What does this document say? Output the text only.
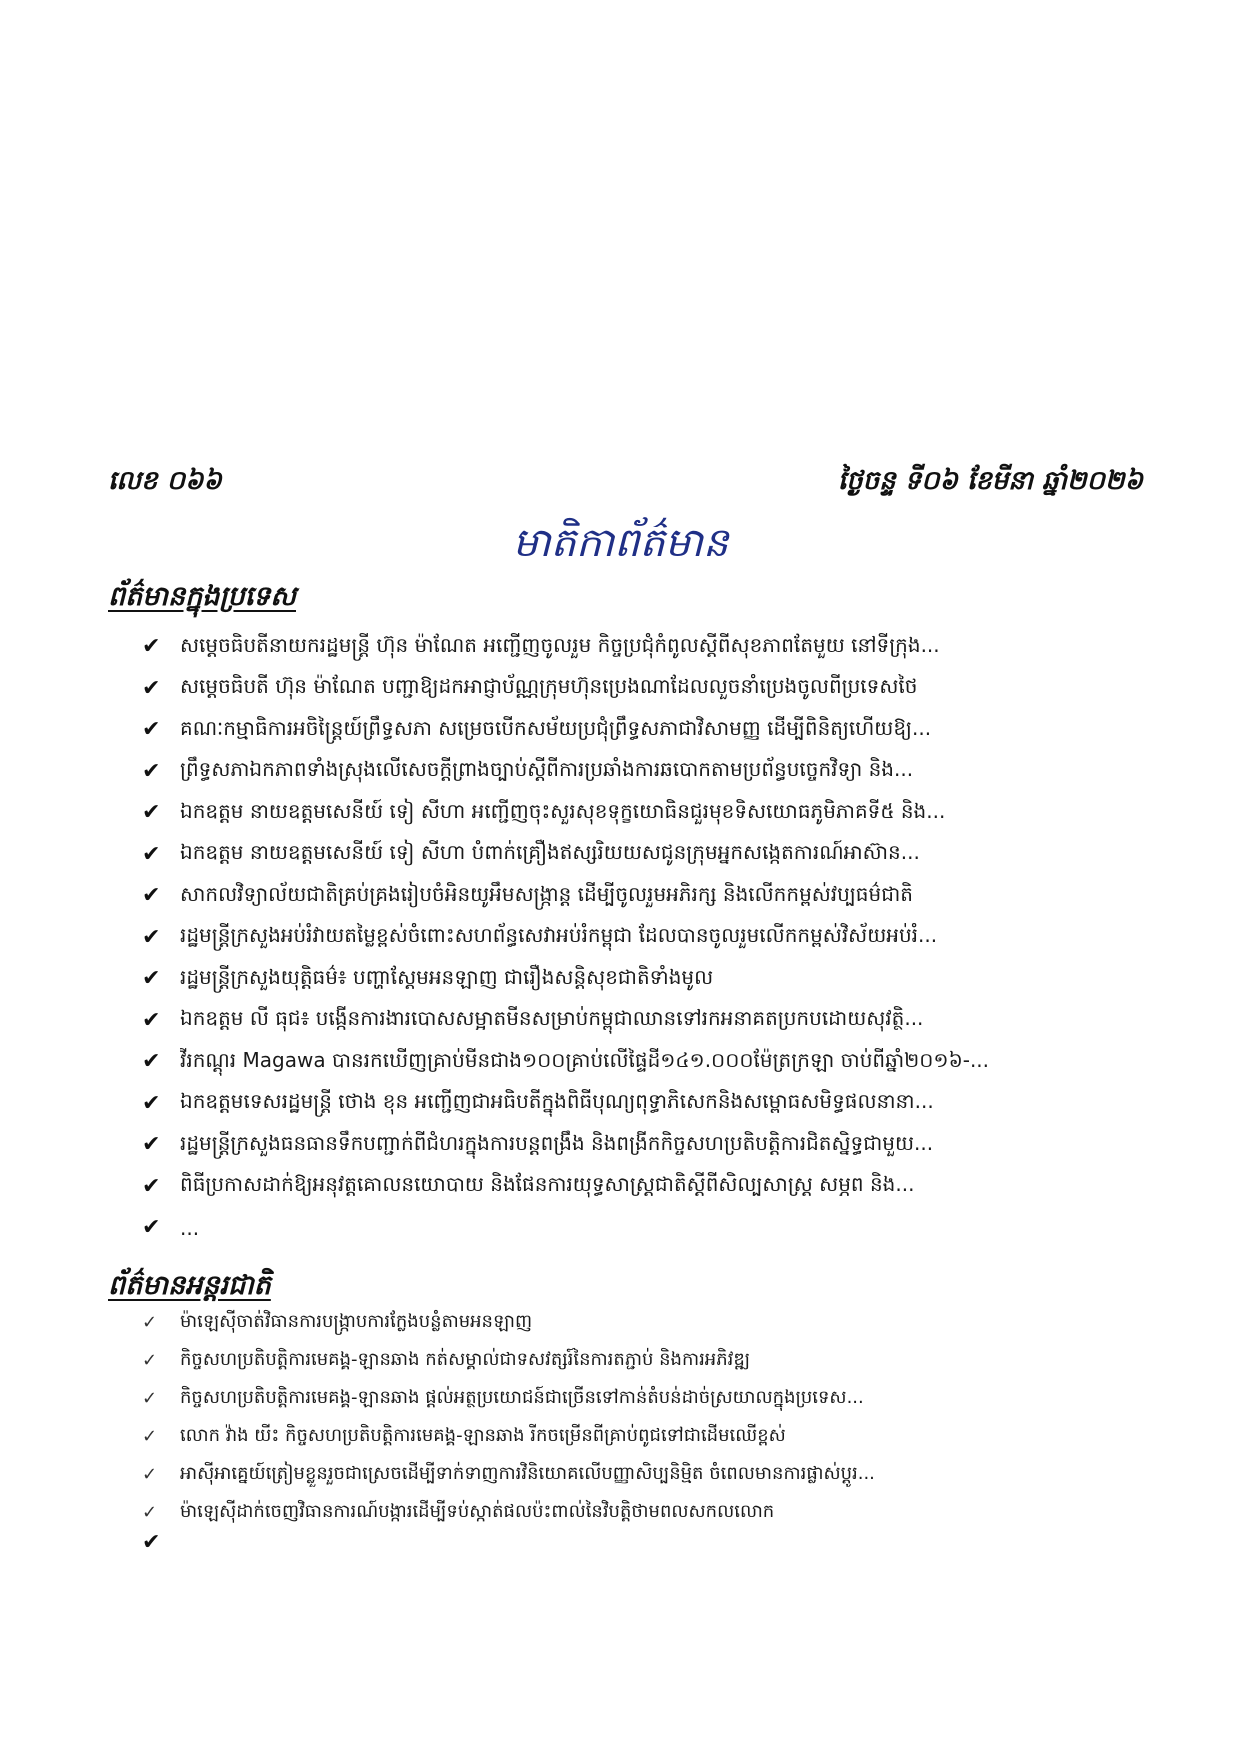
លេខ ០៦៦	ថ្ងៃចន្ទ ទី០៦ ខែមីនា ឆ្នាំ២០២៦
មាតិកាព័ត៌មាន
ព័ត៌មានក្នុងប្រទេស
✔ សម្តេចធិបតីនាយករដ្ឋមន្ត្រី ហ៊ុន ម៉ាណែត អញ្ជើញចូលរួម កិច្ចប្រជុំកំពូលស្តីពីសុខភាពតែមួយ នៅទីក្រុង...
✔ សម្ដេចធិបតី ហ៊ុន ម៉ាណែត បញ្ជាឱ្យដកអាជ្ញាប័ណ្ណក្រុមហ៊ុនប្រេងណាដែលលួចនាំប្រេងចូលពីប្រទេសថៃ
✔ គណៈកម្មាធិការអចិន្ត្រៃយ៍ព្រឹទ្ធសភា សម្រេចបើកសម័យប្រជុំព្រឹទ្ធសភាជាវិសាមញ្ញ ដើម្បីពិនិត្យហើយឱ្យ...
✔ ព្រឹទ្ធសភាឯកភាពទាំងស្រុងលើសេចក្តីព្រាងច្បាប់ស្តីពីការប្រឆាំងការឆបោកតាមប្រព័ន្ធបច្ចេកវិទ្យា និង...
✔ ឯកឧត្តម នាយឧត្តមសេនីយ៍ ទៀ សីហា អញ្ជើញចុះសួរសុខទុក្ខយោធិនជួរមុខទិសយោធភូមិភាគទី៥ និង...
✔ ឯកឧត្តម នាយឧត្តមសេនីយ៍ ទៀ សីហា បំពាក់គ្រឿងឥស្សរិយយសជូនក្រុមអ្នកសង្កេតការណ៍អាស៊ាន...
✔ សាកលវិទ្យាល័យជាតិគ្រប់គ្រងរៀបចំអិនយូអឹមសង្ក្រាន្ត ដើម្បីចូលរួមអភិរក្ស និងលើកកម្ពស់វប្បធម៌ជាតិ
✔ រដ្ឋមន្ត្រីក្រសួងអប់រំវាយតម្លៃខ្ពស់ចំពោះសហព័ន្ធសេវាអប់រំកម្ពុជា ដែលបានចូលរួមលើកកម្ពស់វិស័យអប់រំ...
✔ រដ្ឋមន្ត្រីក្រសួងយុត្តិធម៌៖ បញ្ហាស្តែមអនឡាញ ជារឿងសន្តិសុខជាតិទាំងមូល
✔ ឯកឧត្តម លី ធុជ៖ បង្កើនការងារបោសសម្អាតមីនសម្រាប់កម្ពុជាឈានទៅរកអនាគតប្រកបដោយសុវត្ថិ...
✔ វីរកណ្ដុរ Magawa បានរកឃើញគ្រាប់មីនជាង១០០គ្រាប់លើផ្ទៃដី១៤១.០០០ម៉ែត្រក្រឡា ចាប់ពីឆ្នាំ២០១៦-...
✔ ឯកឧត្តមទេសរដ្ឋមន្ត្រី ថោង ខុន អញ្ជើញជាអធិបតីក្នុងពិធីបុណ្យពុទ្ធាភិសេកនិងសម្ពោធសមិទ្ធផលនានា...
✔ រដ្ឋមន្ត្រីក្រសួងធនធានទឹកបញ្ជាក់ពីជំហរក្នុងការបន្តពង្រឹង និងពង្រីកកិច្ចសហប្រតិបត្តិការជិតស្និទ្ធជាមួយ...
✔ ពិធីប្រកាសដាក់ឱ្យអនុវត្តគោលនយោបាយ និងផែនការយុទ្ធសាស្ត្រជាតិស្តីពីសិល្បសាស្ត្រ សម្ភព និង...
✔ ...
ព័ត៌មានអន្តរជាតិ
✓	ម៉ាឡេស៊ីចាត់វិធានការបង្រ្កាបការក្លែងបន្លំតាមអនឡាញ
✓	កិច្ចសហប្រតិបត្តិការមេគង្គ-ឡានឆាង កត់សម្គាល់ជាទសវត្សរ៍នៃការតភ្ជាប់ និងការអភិវឌ្ឍ
✓	កិច្ចសហប្រតិបត្តិការមេគង្គ-ឡានឆាង ផ្តល់អត្ថប្រយោជន៍ជាច្រើនទៅកាន់តំបន់ដាច់ស្រយាលក្នុងប្រទេស...
✓	លោក វ៉ាង យីះ កិច្ចសហប្រតិបត្តិការមេគង្គ-ឡានឆាង រីកចម្រើនពីគ្រាប់ពូជទៅជាដើមឈើខ្ពស់
✓	អាស៊ីអាគ្នេយ៍ត្រៀមខ្លួនរួចជាស្រេចដើម្បីទាក់ទាញការវិនិយោគលើបញ្ញាសិប្បនិម្មិត ចំពេលមានការផ្លាស់ប្តូរ...
✓	ម៉ាឡេស៊ីដាក់ចេញវិធានការណ៍បង្ការដើម្បីទប់ស្កាត់ផលប៉ះពាល់នៃវិបត្តិថាមពលសកលលោក
✔
